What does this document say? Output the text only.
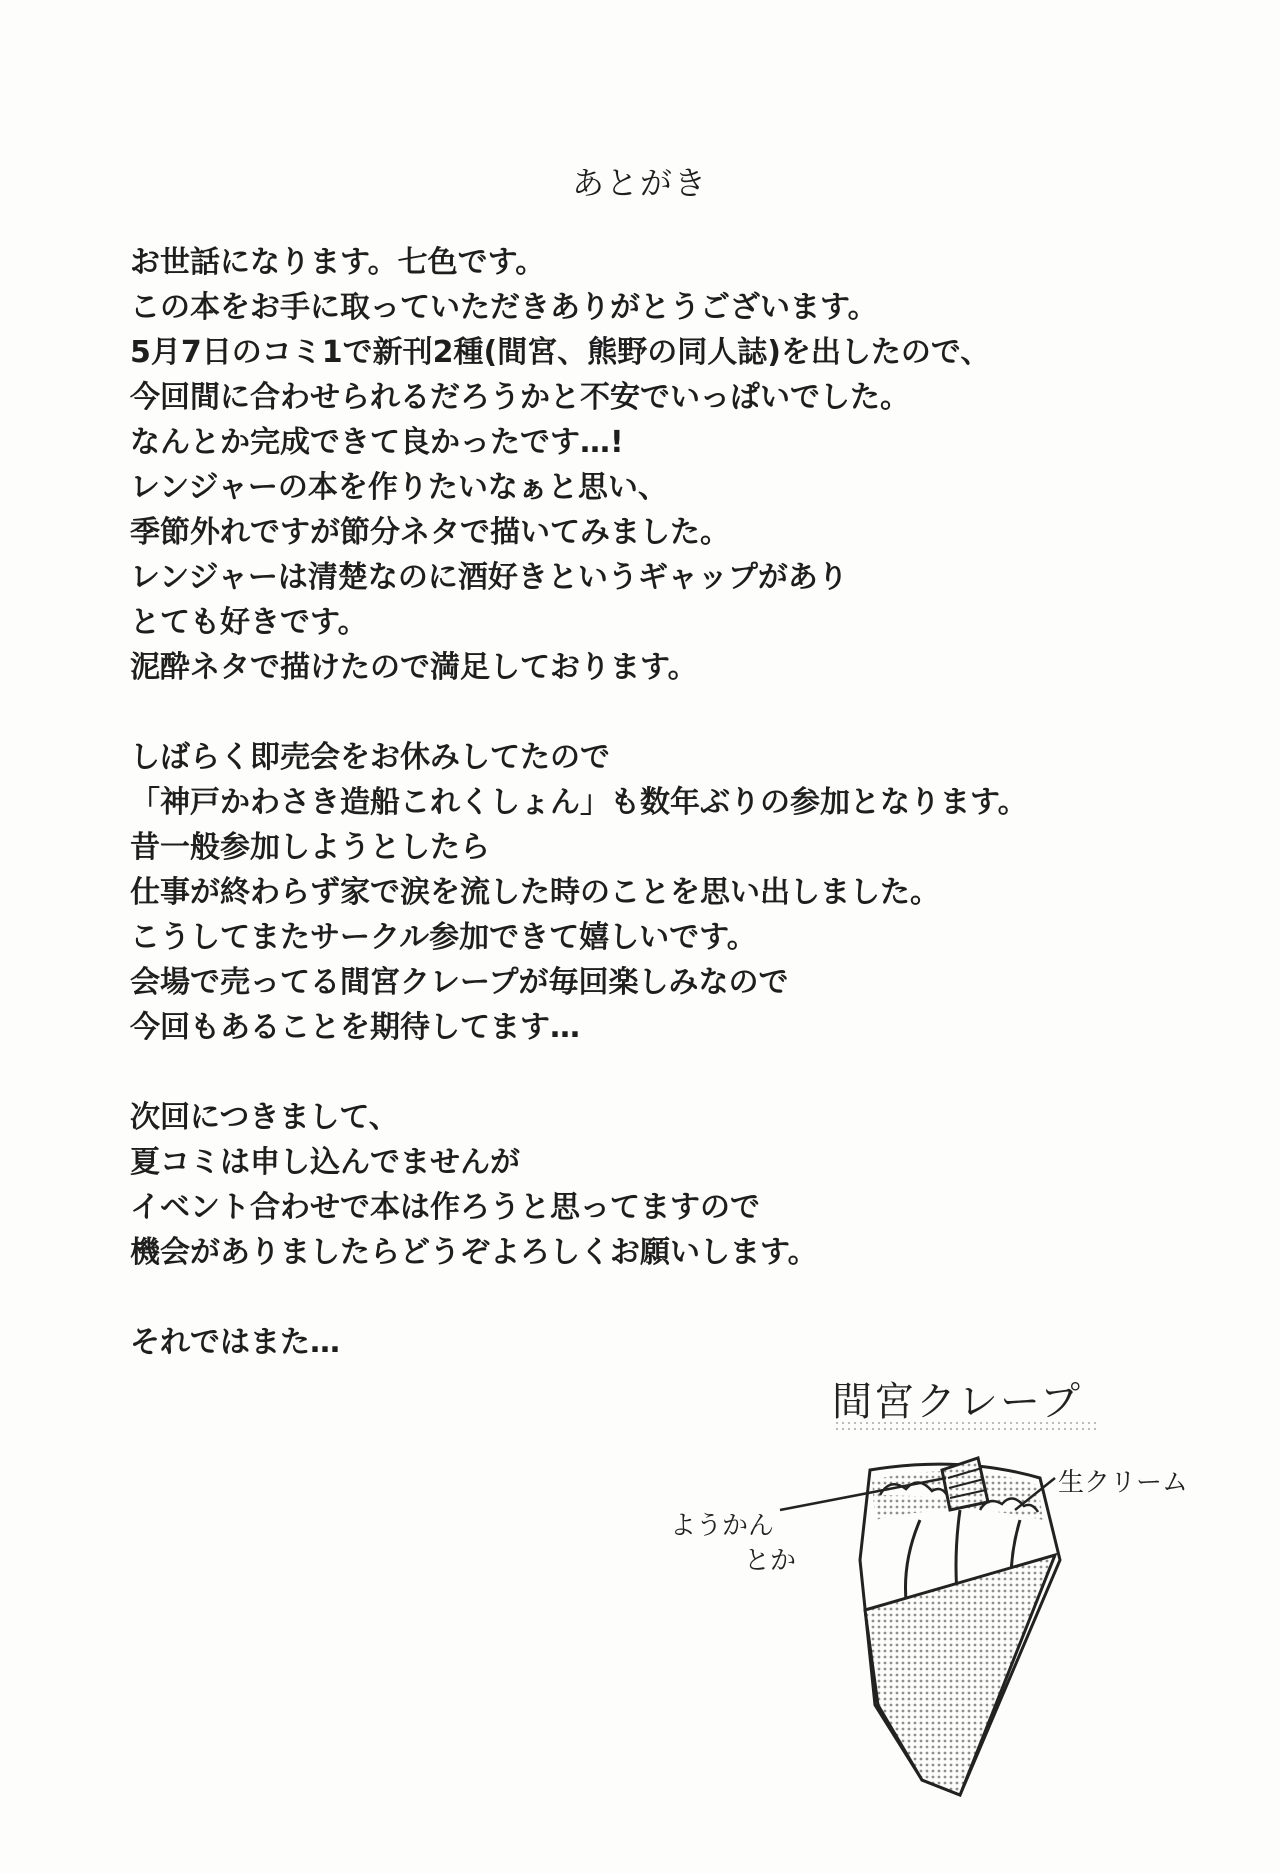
あとがき
お世話になります。七色です。
この本をお手に取っていただきありがとうございます。
5月7日のコミ1で新刊2種(間宮、熊野の同人誌)を出したので、
今回間に合わせられるだろうかと不安でいっぱいでした。
なんとか完成できて良かったです…!
レンジャーの本を作りたいなぁと思い、
季節外れですが節分ネタで描いてみました。
レンジャーは清楚なのに酒好きというギャップがあり
とても好きです。
泥酔ネタで描けたので満足しております。
しばらく即売会をお休みしてたので
「神戸かわさき造船これくしょん」も数年ぶりの参加となります。
昔一般参加しようとしたら
仕事が終わらず家で涙を流した時のことを思い出しました。
こうしてまたサークル参加できて嬉しいです。
会場で売ってる間宮クレープが毎回楽しみなので
今回もあることを期待してます…
次回につきまして、
夏コミは申し込んでませんが
イベント合わせで本は作ろうと思ってますので
機会がありましたらどうぞよろしくお願いします。
それではまた…
間宮クレープ
生クリーム
ようかん
とか
